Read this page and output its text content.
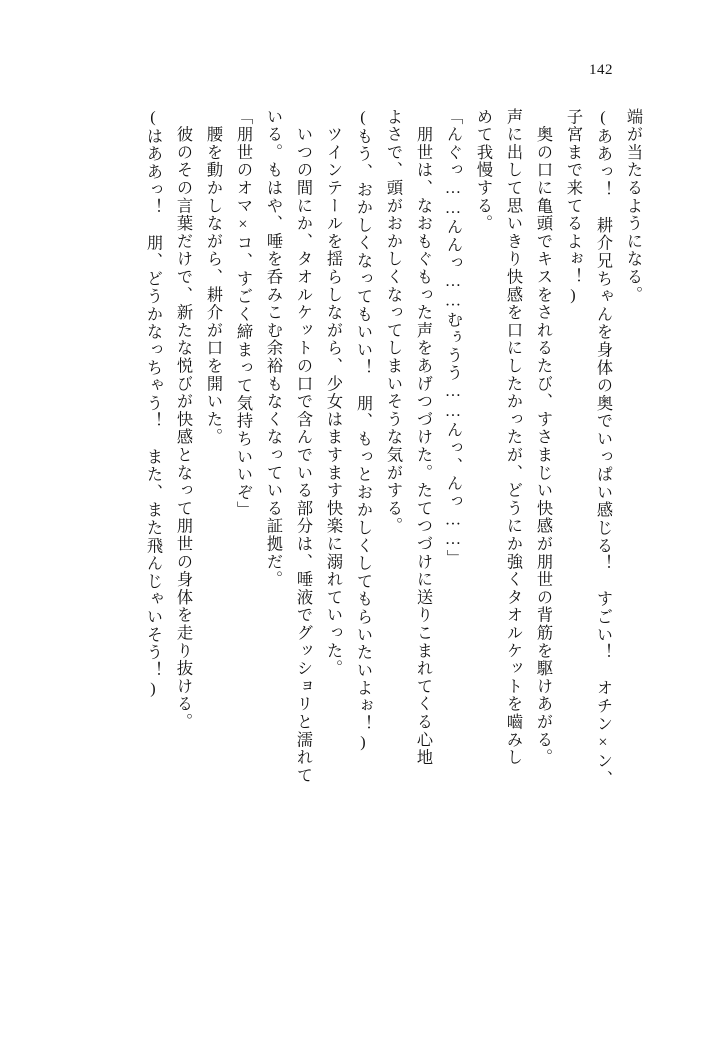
142
端が当たるようになる。
(ああっ！　耕介兄ちゃんを身体の奥でいっぱい感じる！　すごい！　オチン×ン、
子宮まで来てるよぉ！)
　奥の口に亀頭でキスをされるたび、すさまじい快感が朋世の背筋を駆けあがる。
声に出して思いきり快感を口にしたかったが、どうにか強くタオルケットを嚙みし
めて我慢する。
「んぐっ……んんっ……むぅうう……んっ、んっ……」
　朋世は、なおもぐもった声をあげつづけた。たてつづけに送りこまれてくる心地
よさで、頭がおかしくなってしまいそうな気がする。
(もう、おかしくなってもいい！　朋、もっとおかしくしてもらいたいよぉ！)
　ツインテールを揺らしながら、少女はますます快楽に溺れていった。
　いつの間にか、タオルケットの口で含んでいる部分は、唾液でグッショリと濡れて
いる。もはや、唾を呑みこむ余裕もなくなっている証拠だ。
「朋世のオマ×コ、すごく締まって気持ちいいぞ」
　腰を動かしながら、耕介が口を開いた。
　彼のその言葉だけで、新たな悦びが快感となって朋世の身体を走り抜ける。
(はああっ！　朋、どうかなっちゃう！　また、また飛んじゃいそう！)
